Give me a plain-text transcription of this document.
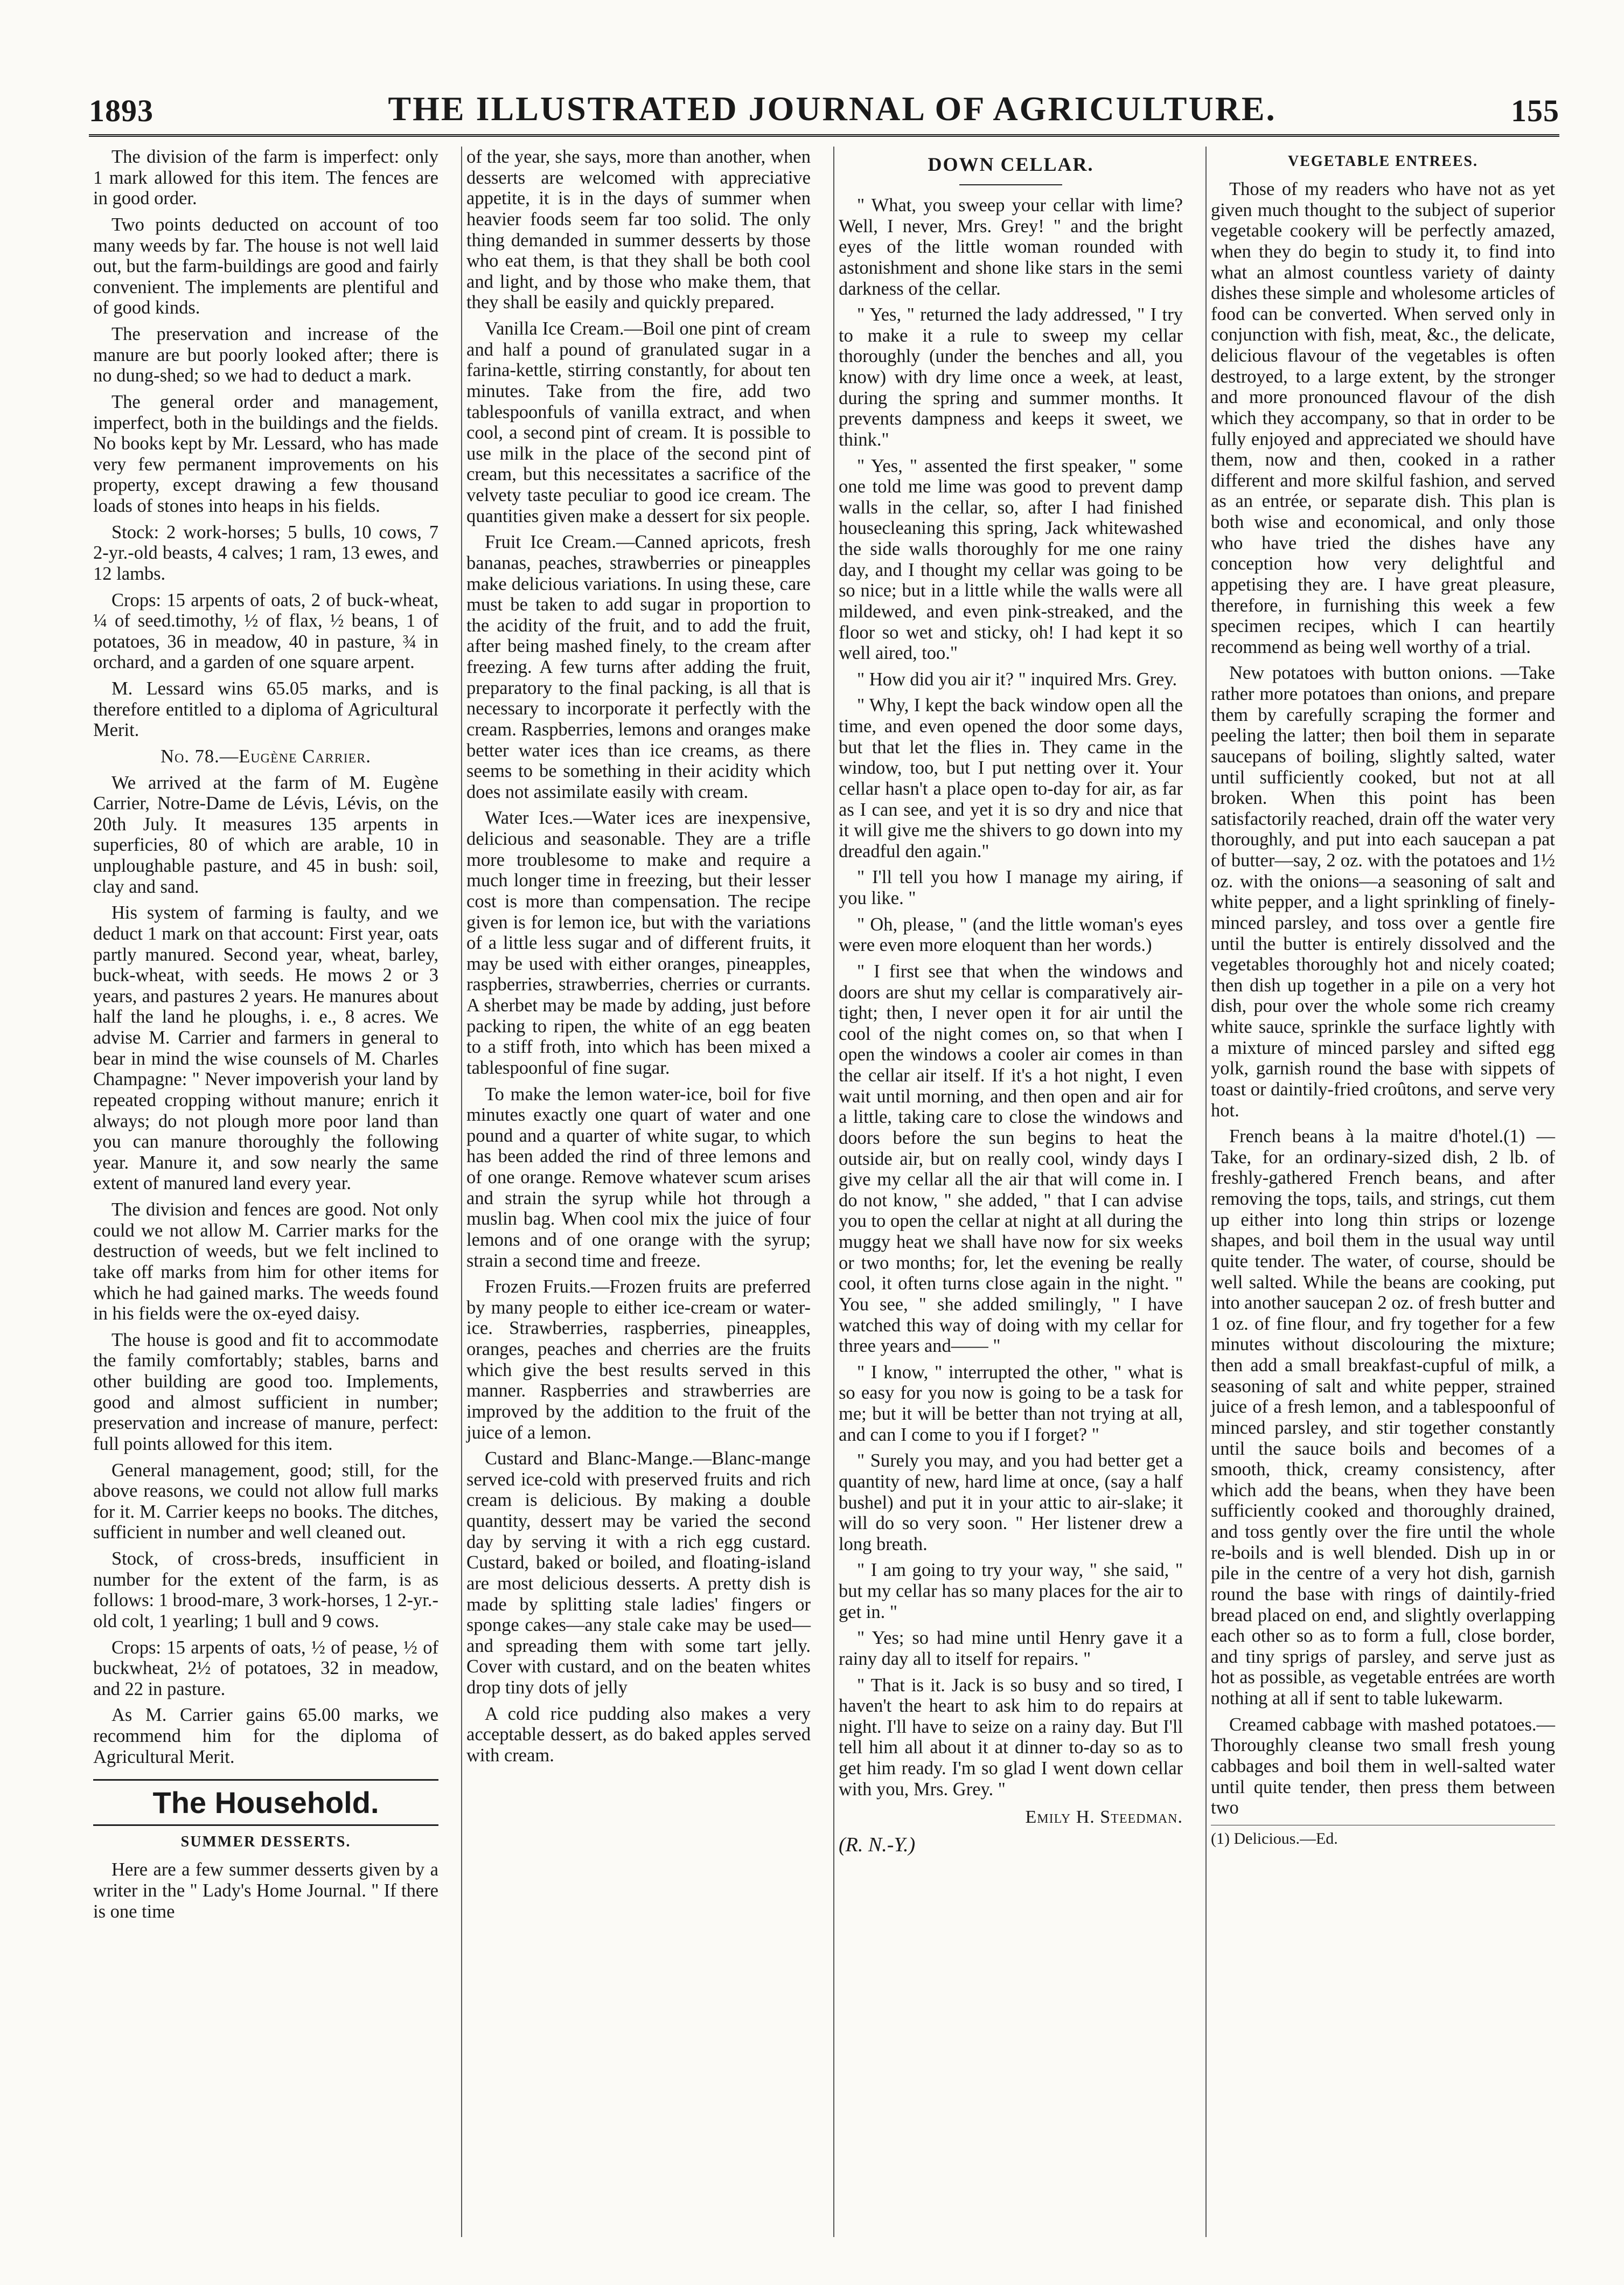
1893	THE ILLUSTRATED JOURNAL OF AGRICULTURE.	155

The division of the farm is imperfect: only 1 mark allowed for this item. The fences are in good order.

Two points deducted on account of too many weeds by far. The house is not well laid out, but the farm-buildings are good and fairly convenient. The implements are plentiful and of good kinds.

The preservation and increase of the manure are but poorly looked after; there is no dung-shed; so we had to deduct a mark.

The general order and management, imperfect, both in the buildings and the fields. No books kept by Mr. Lessard, who has made very few permanent improvements on his property, except drawing a few thousand loads of stones into heaps in his fields.

Stock: 2 work-horses; 5 bulls, 10 cows, 7 2-yr.-old beasts, 4 calves; 1 ram, 13 ewes, and 12 lambs.

Crops: 15 arpents of oats, 2 of buck-wheat, ¼ of seed.timothy, ½ of flax, ½ beans, 1 of potatoes, 36 in meadow, 40 in pasture, ¾ in orchard, and a garden of one square arpent.

M. Lessard wins 65.05 marks, and is therefore entitled to a diploma of Agricultural Merit.

No. 78.—Eugène Carrier.

We arrived at the farm of M. Eugène Carrier, Notre-Dame de Lévis, Lévis, on the 20th July. It measures 135 arpents in superficies, 80 of which are arable, 10 in unploughable pasture, and 45 in bush: soil, clay and sand.

His system of farming is faulty, and we deduct 1 mark on that account: First year, oats partly manured. Second year, wheat, barley, buck-wheat, with seeds. He mows 2 or 3 years, and pastures 2 years. He manures about half the land he ploughs, i. e., 8 acres. We advise M. Carrier and farmers in general to bear in mind the wise counsels of M. Charles Champagne: " Never impoverish your land by repeated cropping without manure; enrich it always; do not plough more poor land than you can manure thoroughly the following year. Manure it, and sow nearly the same extent of manured land every year.

The division and fences are good. Not only could we not allow M. Carrier marks for the destruction of weeds, but we felt inclined to take off marks from him for other items for which he had gained marks. The weeds found in his fields were the ox-eyed daisy.

The house is good and fit to accommodate the family comfortably; stables, barns and other building are good too. Implements, good and almost sufficient in number; preservation and increase of manure, perfect: full points allowed for this item.

General management, good; still, for the above reasons, we could not allow full marks for it. M. Carrier keeps no books. The ditches, sufficient in number and well cleaned out.

Stock, of cross-breds, insufficient in number for the extent of the farm, is as follows: 1 brood-mare, 3 work-horses, 1 2-yr.-old colt, 1 yearling; 1 bull and 9 cows.

Crops: 15 arpents of oats, ½ of pease, ½ of buckwheat, 2½ of potatoes, 32 in meadow, and 22 in pasture.

As M. Carrier gains 65.00 marks, we recommend him for the diploma of Agricultural Merit.

The Household.
SUMMER DESSERTS.

Here are a few summer desserts given by a writer in the " Lady's Home Journal. " If there is one time

of the year, she says, more than another, when desserts are welcomed with appreciative appetite, it is in the days of summer when heavier foods seem far too solid. The only thing demanded in summer desserts by those who eat them, is that they shall be both cool and light, and by those who make them, that they shall be easily and quickly prepared.

Vanilla Ice Cream.—Boil one pint of cream and half a pound of granulated sugar in a farina-kettle, stirring constantly, for about ten minutes. Take from the fire, add two tablespoonfuls of vanilla extract, and when cool, a second pint of cream. It is possible to use milk in the place of the second pint of cream, but this necessitates a sacrifice of the velvety taste peculiar to good ice cream. The quantities given make a dessert for six people.

Fruit Ice Cream.—Canned apricots, fresh bananas, peaches, strawberries or pineapples make delicious variations. In using these, care must be taken to add sugar in proportion to the acidity of the fruit, and to add the fruit, after being mashed finely, to the cream after freezing. A few turns after adding the fruit, preparatory to the final packing, is all that is necessary to incorporate it perfectly with the cream. Raspberries, lemons and oranges make better water ices than ice creams, as there seems to be something in their acidity which does not assimilate easily with cream.

Water Ices.—Water ices are inexpensive, delicious and seasonable. They are a trifle more troublesome to make and require a much longer time in freezing, but their lesser cost is more than compensation. The recipe given is for lemon ice, but with the variations of a little less sugar and of different fruits, it may be used with either oranges, pineapples, raspberries, strawberries, cherries or currants. A sherbet may be made by adding, just before packing to ripen, the white of an egg beaten to a stiff froth, into which has been mixed a tablespoonful of fine sugar.

To make the lemon water-ice, boil for five minutes exactly one quart of water and one pound and a quarter of white sugar, to which has been added the rind of three lemons and of one orange. Remove whatever scum arises and strain the syrup while hot through a muslin bag. When cool mix the juice of four lemons and of one orange with the syrup; strain a second time and freeze.

Frozen Fruits.—Frozen fruits are preferred by many people to either ice-cream or water-ice. Strawberries, raspberries, pineapples, oranges, peaches and cherries are the fruits which give the best results served in this manner. Raspberries and strawberries are improved by the addition to the fruit of the juice of a lemon.

Custard and Blanc-Mange.—Blanc-mange served ice-cold with preserved fruits and rich cream is delicious. By making a double quantity, dessert may be varied the second day by serving it with a rich egg custard. Custard, baked or boiled, and floating-island are most delicious desserts. A pretty dish is made by splitting stale ladies' fingers or sponge cakes—any stale cake may be used—and spreading them with some tart jelly. Cover with custard, and on the beaten whites drop tiny dots of jelly

A cold rice pudding also makes a very acceptable dessert, as do baked apples served with cream.

DOWN CELLAR.

" What, you sweep your cellar with lime? Well, I never, Mrs. Grey! " and the bright eyes of the little woman rounded with astonishment and shone like stars in the semi darkness of the cellar.

" Yes, " returned the lady addressed, " I try to make it a rule to sweep my cellar thoroughly (under the benches and all, you know) with dry lime once a week, at least, during the spring and summer months. It prevents dampness and keeps it sweet, we think."

" Yes, " assented the first speaker, " some one told me lime was good to prevent damp walls in the cellar, so, after I had finished housecleaning this spring, Jack whitewashed the side walls thoroughly for me one rainy day, and I thought my cellar was going to be so nice; but in a little while the walls were all mildewed, and even pink-streaked, and the floor so wet and sticky, oh! I had kept it so well aired, too."

" How did you air it? " inquired Mrs. Grey.

" Why, I kept the back window open all the time, and even opened the door some days, but that let the flies in. They came in the window, too, but I put netting over it. Your cellar hasn't a place open to-day for air, as far as I can see, and yet it is so dry and nice that it will give me the shivers to go down into my dreadful den again."

" I'll tell you how I manage my airing, if you like. "

" Oh, please, " (and the little woman's eyes were even more eloquent than her words.)

" I first see that when the windows and doors are shut my cellar is comparatively air-tight; then, I never open it for air until the cool of the night comes on, so that when I open the windows a cooler air comes in than the cellar air itself. If it's a hot night, I even wait until morning, and then open and air for a little, taking care to close the windows and doors before the sun begins to heat the outside air, but on really cool, windy days I give my cellar all the air that will come in. I do not know, " she added, " that I can advise you to open the cellar at night at all during the muggy heat we shall have now for six weeks or two months; for, let the evening be really cool, it often turns close again in the night. " You see, " she added smilingly, " I have watched this way of doing with my cellar for three years and—— "

" I know, " interrupted the other, " what is so easy for you now is going to be a task for me; but it will be better than not trying at all, and can I come to you if I forget? "

" Surely you may, and you had better get a quantity of new, hard lime at once, (say a half bushel) and put it in your attic to air-slake; it will do so very soon. " Her listener drew a long breath.

" I am going to try your way, " she said, " but my cellar has so many places for the air to get in. "

" Yes; so had mine until Henry gave it a rainy day all to itself for repairs. "

" That is it. Jack is so busy and so tired, I haven't the heart to ask him to do repairs at night. I'll have to seize on a rainy day. But I'll tell him all about it at dinner to-day so as to get him ready. I'm so glad I went down cellar with you, Mrs. Grey. "

Emily H. Steedman.
(R. N.-Y.)
VEGETABLE ENTREES.

Those of my readers who have not as yet given much thought to the subject of superior vegetable cookery will be perfectly amazed, when they do begin to study it, to find into what an almost countless variety of dainty dishes these simple and wholesome articles of food can be converted. When served only in conjunction with fish, meat, &c., the delicate, delicious flavour of the vegetables is often destroyed, to a large extent, by the stronger and more pronounced flavour of the dish which they accompany, so that in order to be fully enjoyed and appreciated we should have them, now and then, cooked in a rather different and more skilful fashion, and served as an entrée, or separate dish. This plan is both wise and economical, and only those who have tried the dishes have any conception how very delightful and appetising they are. I have great pleasure, therefore, in furnishing this week a few specimen recipes, which I can heartily recommend as being well worthy of a trial.

New potatoes with button onions. —Take rather more potatoes than onions, and prepare them by carefully scraping the former and peeling the latter; then boil them in separate saucepans of boiling, slightly salted, water until sufficiently cooked, but not at all broken. When this point has been satisfactorily reached, drain off the water very thoroughly, and put into each saucepan a pat of butter—say, 2 oz. with the potatoes and 1½ oz. with the onions—a seasoning of salt and white pepper, and a light sprinkling of finely-minced parsley, and toss over a gentle fire until the butter is entirely dissolved and the vegetables thoroughly hot and nicely coated; then dish up together in a pile on a very hot dish, pour over the whole some rich creamy white sauce, sprinkle the surface lightly with a mixture of minced parsley and sifted egg yolk, garnish round the base with sippets of toast or daintily-fried croûtons, and serve very hot.

French beans à la maitre d'hotel.(1) —Take, for an ordinary-sized dish, 2 lb. of freshly-gathered French beans, and after removing the tops, tails, and strings, cut them up either into long thin strips or lozenge shapes, and boil them in the usual way until quite tender. The water, of course, should be well salted. While the beans are cooking, put into another saucepan 2 oz. of fresh butter and 1 oz. of fine flour, and fry together for a few minutes without discolouring the mixture; then add a small breakfast-cupful of milk, a seasoning of salt and white pepper, strained juice of a fresh lemon, and a tablespoonful of minced parsley, and stir together constantly until the sauce boils and becomes of a smooth, thick, creamy consistency, after which add the beans, when they have been sufficiently cooked and thoroughly drained, and toss gently over the fire until the whole re-boils and is well blended. Dish up in or pile in the centre of a very hot dish, garnish round the base with rings of daintily-fried bread placed on end, and slightly overlapping each other so as to form a full, close border, and tiny sprigs of parsley, and serve just as hot as possible, as vegetable entrées are worth nothing at all if sent to table lukewarm.

Creamed cabbage with mashed potatoes.—Thoroughly cleanse two small fresh young cabbages and boil them in well-salted water until quite tender, then press them between two

(1) Delicious.—Ed.
